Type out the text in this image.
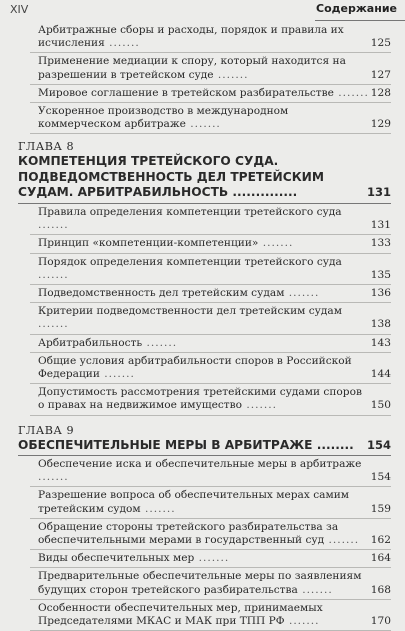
XIV	Содержание
Арбитражные сборы и расходы, порядок и правила их исчисления .......	125
Применение медиации к спору, который находится на разрешении в третейском суде .......	127
Мировое соглашение в третейском разбирательстве ....... 128
Ускоренное производство в международном коммерческом арбитраже .......	129
ГЛАВА 8
КОМПЕТЕНЦИЯ ТРЕТЕЙСКОГО СУДА. ПОДВЕДОМСТВЕННОСТЬ ДЕЛ ТРЕТЕЙСКИМ СУДАМ. АРБИТРАБИЛЬНОСТЬ ..............	131
Правила определения компетенции третейского суда .......	131
Принцип «компетенции-компетенции» .......	133
Порядок определения компетенции третейского суда .......	135
Подведомственность дел третейским судам .......	136
Критерии подведомственности дел третейским судам .......	138
Арбитрабильность .......	143
Общие условия арбитрабильности споров в Российской Федерации .......	144
Допустимость рассмотрения третейскими судами споров о правах на недвижимое имущество .......	150
ГЛАВА 9
ОБЕСПЕЧИТЕЛЬНЫЕ МЕРЫ В АРБИТРАЖЕ ........ 154
Обеспечение иска и обеспечительные меры в арбитраже .......	154
Разрешение вопроса об обеспечительных мерах самим третейским судом .......	159
Обращение стороны третейского разбирательства за обеспечительными мерами в государственный суд ....... 162
Виды обеспечительных мер .......	164
Предварительные обеспечительные меры по заявлениям будущих сторон третейского разбирательства .......	168
Особенности обеспечительных мер, принимаемых Председателями МКАС и МАК при ТПП РФ .......	170
